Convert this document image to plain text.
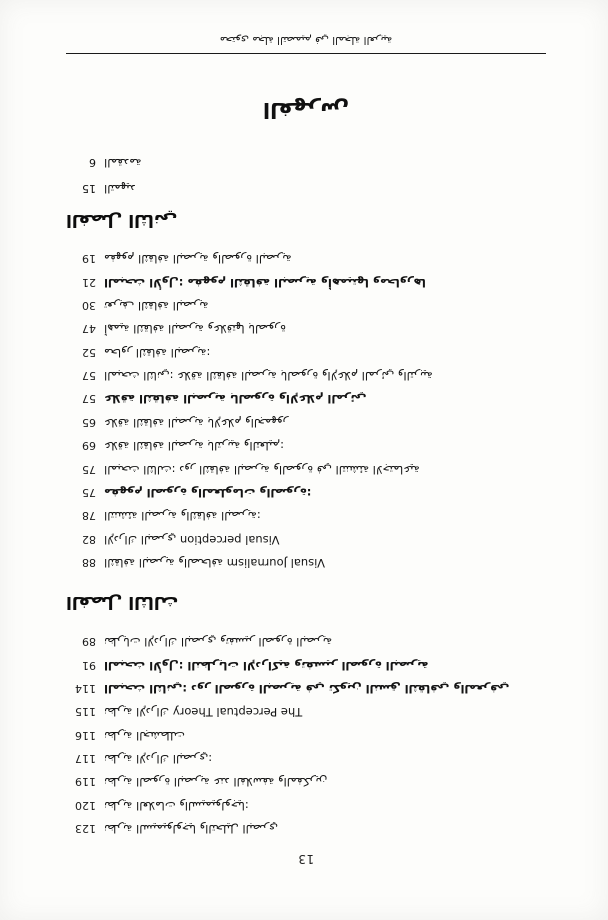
13
123 نظرية السيميولوجيا والتحليل البصري
120 نظرية العلامات والسيميولوجيا:
119 نظرية الصورة البصرية عند الفلاسفة والمفكرين
117 نظرية الإدراك البصري:
116 نظرية الجشطلت
115	نظرية الإدراك The Perceptual Theory
114 المبحث الثاني: دور الصورة البصرية في تكوين النسق الثقافي والمعرفي
91 المبحث الأول: النظريات الإدراكية وتفسير الصورة البصرية
89 نظريات الإدراك البصري وتفسير الصورة البصرية
الفصل الثالث
88	الثقافة البصرية والصحافة Visual Journalism
82	الإدراك البصري Visual perception
78 التنشئة البصرية والثقافة البصرية:
75 مفهوم الصورة والمعلومات والصورة:
75 المبحث الثالث: دور الثقافة البصرية والصورة في التنشئة الاجتماعية
69 علاقة الثقافة البصرية بالتربية والتعليم:
65 علاقة الثقافة البصرية بالإعلام والجمهور
57 علاقة الثقافة البصرية بالصورة والإعلام المرئي
57 المبحث الثاني: علاقة الثقافة البصرية بالصورة والإعلام المرئي والتربية
52 محاور الثقافة البصرية:
47 أهمية الثقافة البصرية وعلاقتها بالصورة
30 تعريف الثقافة البصرية
21 المبحث الأول: مفهوم الثقافة البصرية وأهميتها ومحاورها
19 مفهوم الثقافة البصرية والصورة البصرية
الفصل الثاني
15 التمهيد
6 المقدمة
الفهرس
محتوى مجلة التصميم في المجلة العربية
